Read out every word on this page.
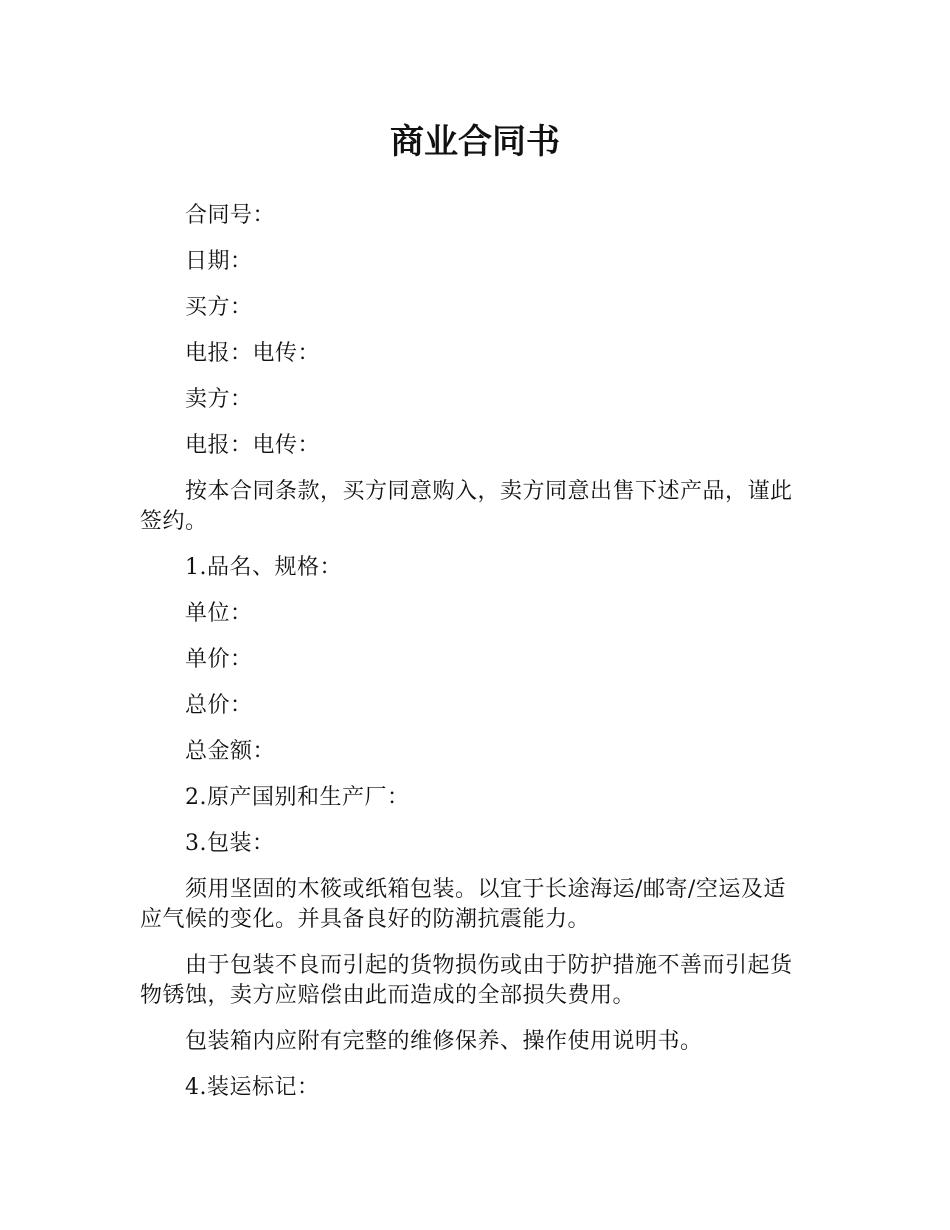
商业合同书

合同号：

日期：

买方：

电报：电传：

卖方：

电报：电传：

按本合同条款，买方同意购入，卖方同意出售下述产品，谨此签约。

1.品名、规格：

单位：

单价：

总价：

总金额：

2.原产国别和生产厂：

3.包装：

须用坚固的木筱或纸箱包装。以宜于长途海运/邮寄/空运及适应气候的变化。并具备良好的防潮抗震能力。

由于包装不良而引起的货物损伤或由于防护措施不善而引起货物锈蚀，卖方应赔偿由此而造成的全部损失费用。

包装箱内应附有完整的维修保养、操作使用说明书。

4.装运标记：
